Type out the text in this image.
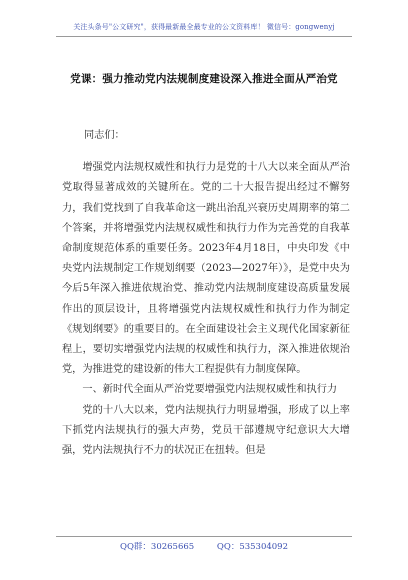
关注头条号"公文研究"，获得最新最全最专业的公文资料库！ 微信号：gongwenyj
党课：强力推动党内法规制度建设深入推进全面从严治党

同志们：

增强党内法规权威性和执行力是党的十八大以来全面从严治党取得显著成效的关键所在。党的二十大报告提出经过不懈努力，我们党找到了自我革命这一跳出治乱兴衰历史周期率的第二个答案，并将增强党内法规权威性和执行力作为完善党的自我革命制度规范体系的重要任务。2023年4月18日，中央印发《中央党内法规制定工作规划纲要（2023—2027年）》，是党中央为今后5年深入推进依规治党、推动党内法规制度建设高质量发展作出的顶层设计，且将增强党内法规权威性和执行力作为制定《规划纲要》的重要目的。在全面建设社会主义现代化国家新征程上，要切实增强党内法规的权威性和执行力，深入推进依规治党，为推进党的建设新的伟大工程提供有力制度保障。

一、新时代全面从严治党要增强党内法规权威性和执行力

党的十八大以来，党内法规执行力明显增强，形成了以上率下抓党内法规执行的强大声势，党员干部遵规守纪意识大大增强，党内法规执行不力的状况正在扭转。但是

QQ群：30265665	QQ：535304092
